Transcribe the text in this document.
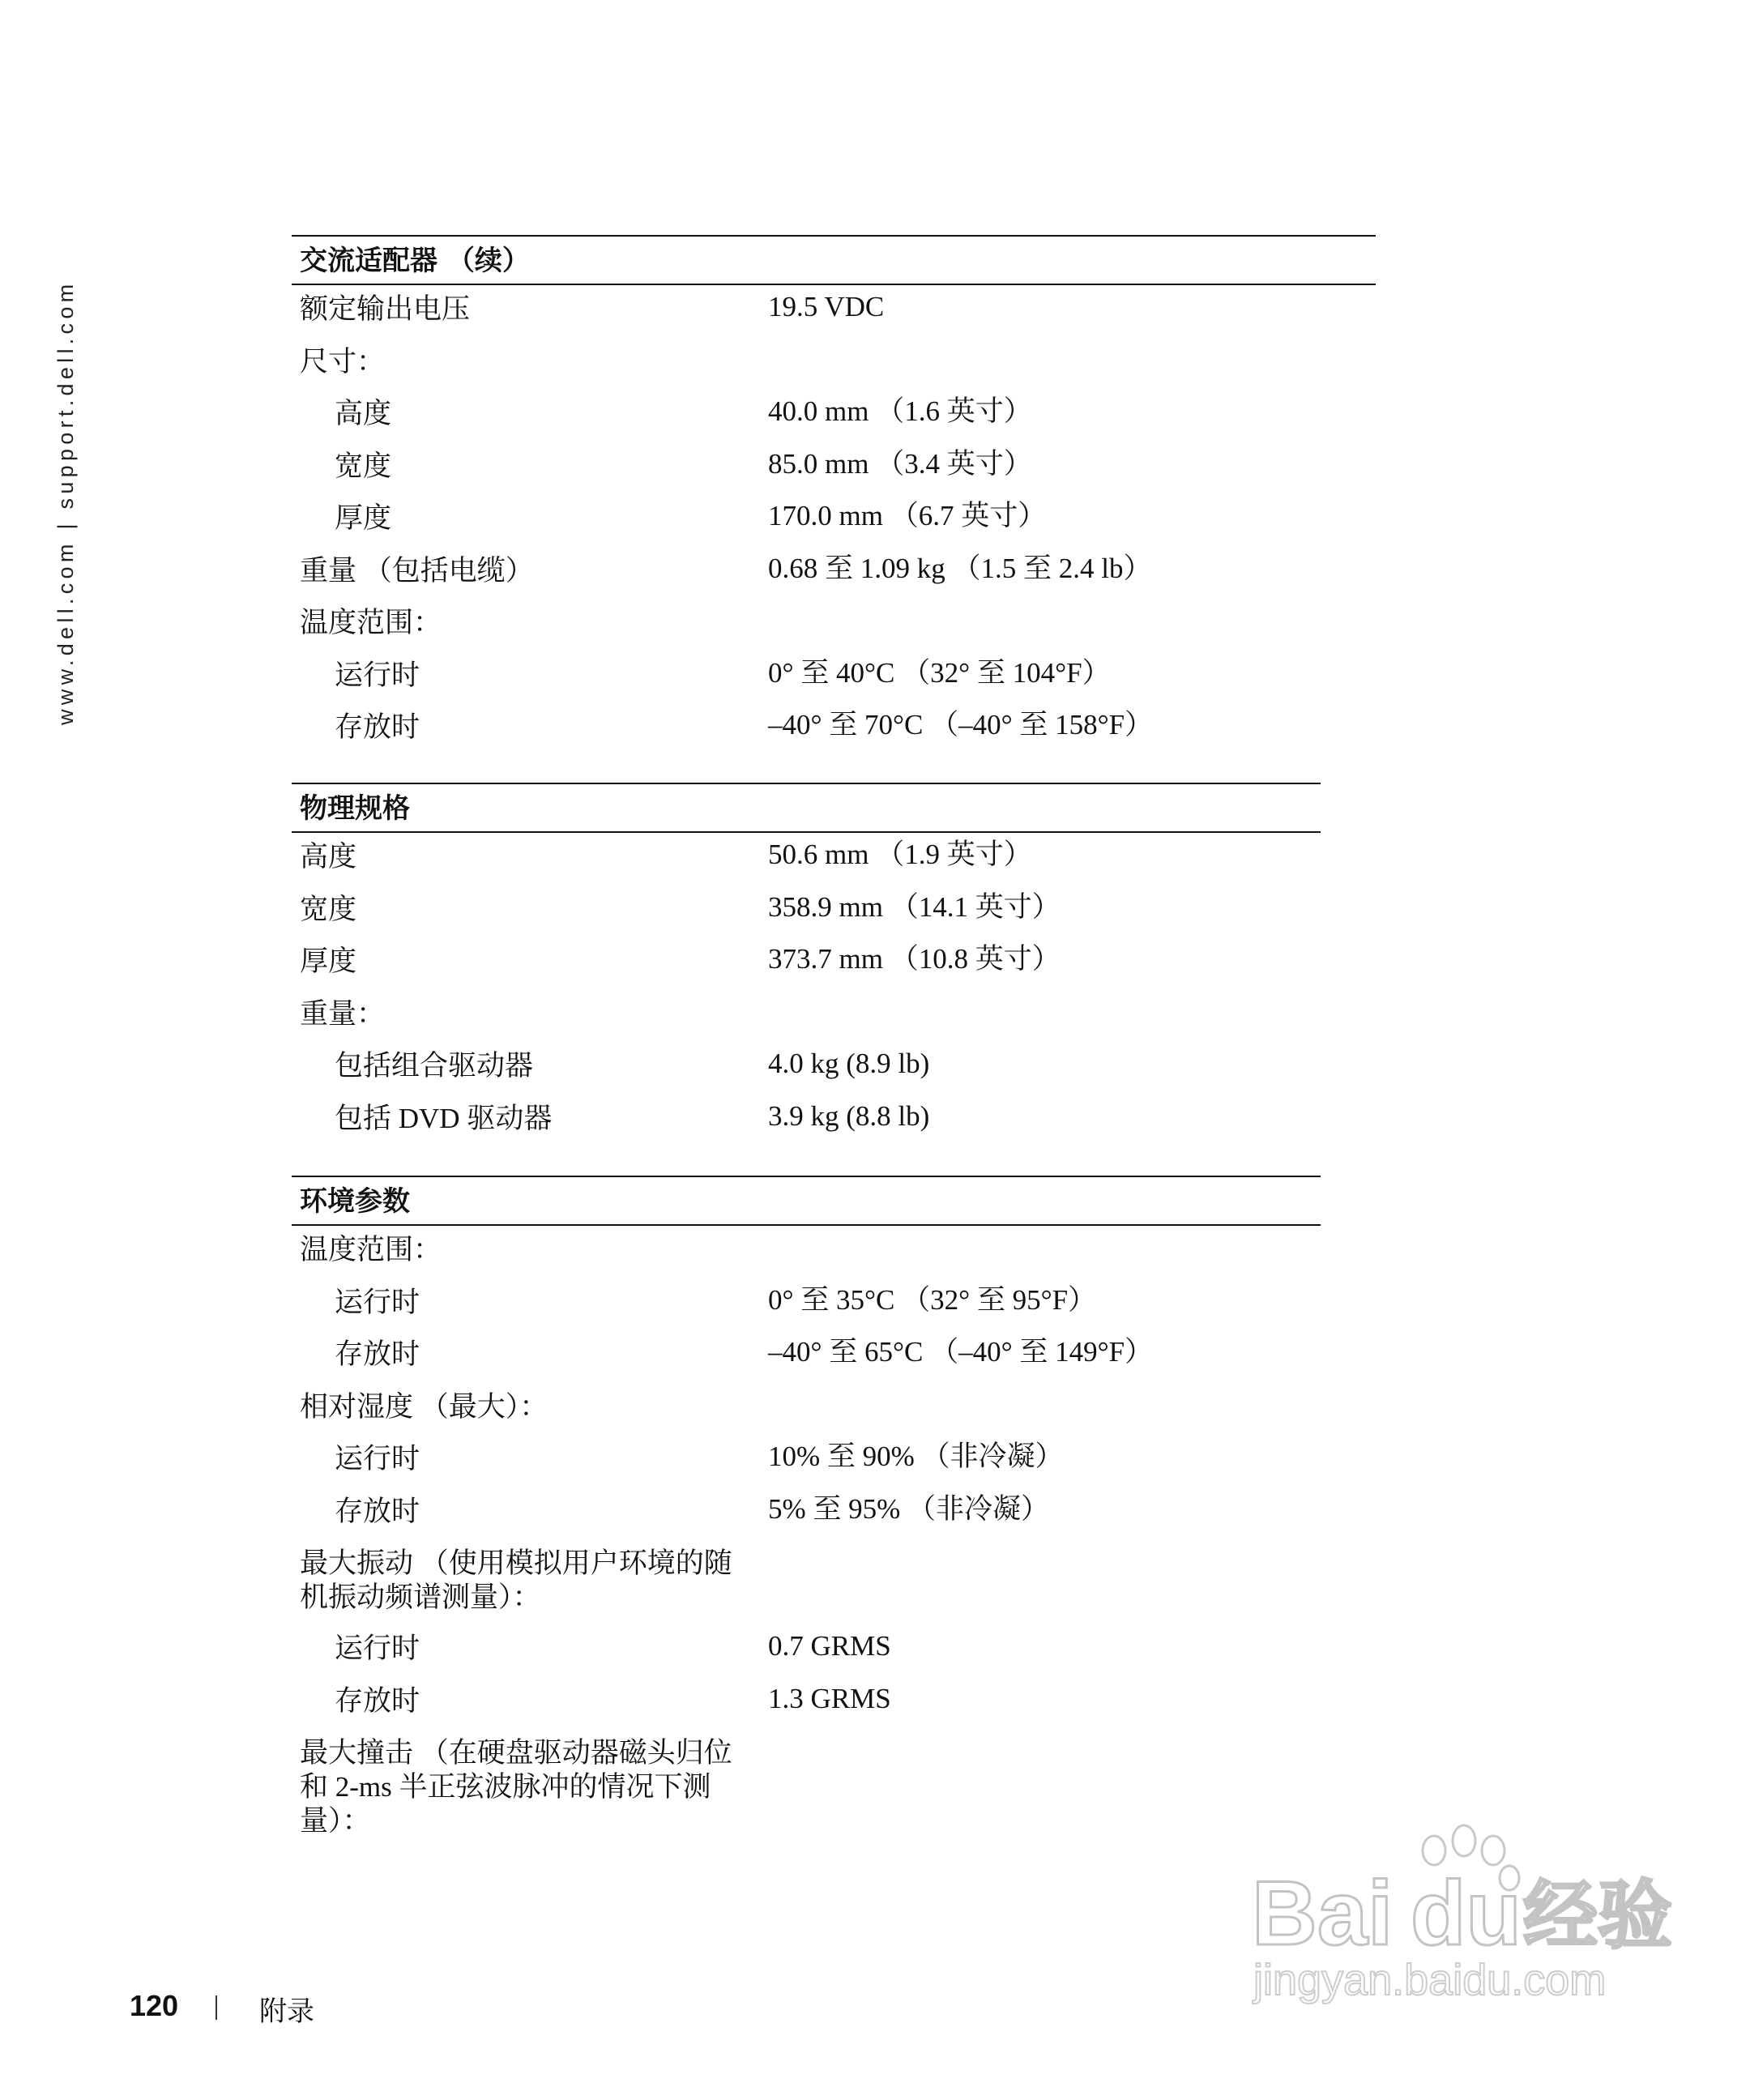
www.dell.com | support.dell.com
交流适配器 （续）
额定输出电压	19.5 VDC
尺寸：
高度	40.0 mm （1.6 英寸）
宽度	85.0 mm （3.4 英寸）
厚度	170.0 mm （6.7 英寸）
重量 （包括电缆）	0.68 至 1.09 kg （1.5 至 2.4 lb）
温度范围：
运行时	0° 至 40°C （32° 至 104°F）
存放时	–40° 至 70°C （–40° 至 158°F）
物理规格
高度	50.6 mm （1.9 英寸）
宽度	358.9 mm （14.1 英寸）
厚度	373.7 mm （10.8 英寸）
重量：
包括组合驱动器	4.0 kg (8.9 lb)
包括 DVD 驱动器	3.9 kg (8.8 lb)
环境参数
温度范围：
运行时	0° 至 35°C （32° 至 95°F）
存放时	–40° 至 65°C （–40° 至 149°F）
相对湿度 （最大）：
运行时	10% 至 90% （非冷凝）
存放时	5% 至 95% （非冷凝）
最大振动 （使用模拟用户环境的随机振动频谱测量）：
运行时	0.7 GRMS
存放时	1.3 GRMS
最大撞击 （在硬盘驱动器磁头归位和 2-ms 半正弦波脉冲的情况下测量）：
120	附录
Bai du 经验
jingyan.baidu.com
